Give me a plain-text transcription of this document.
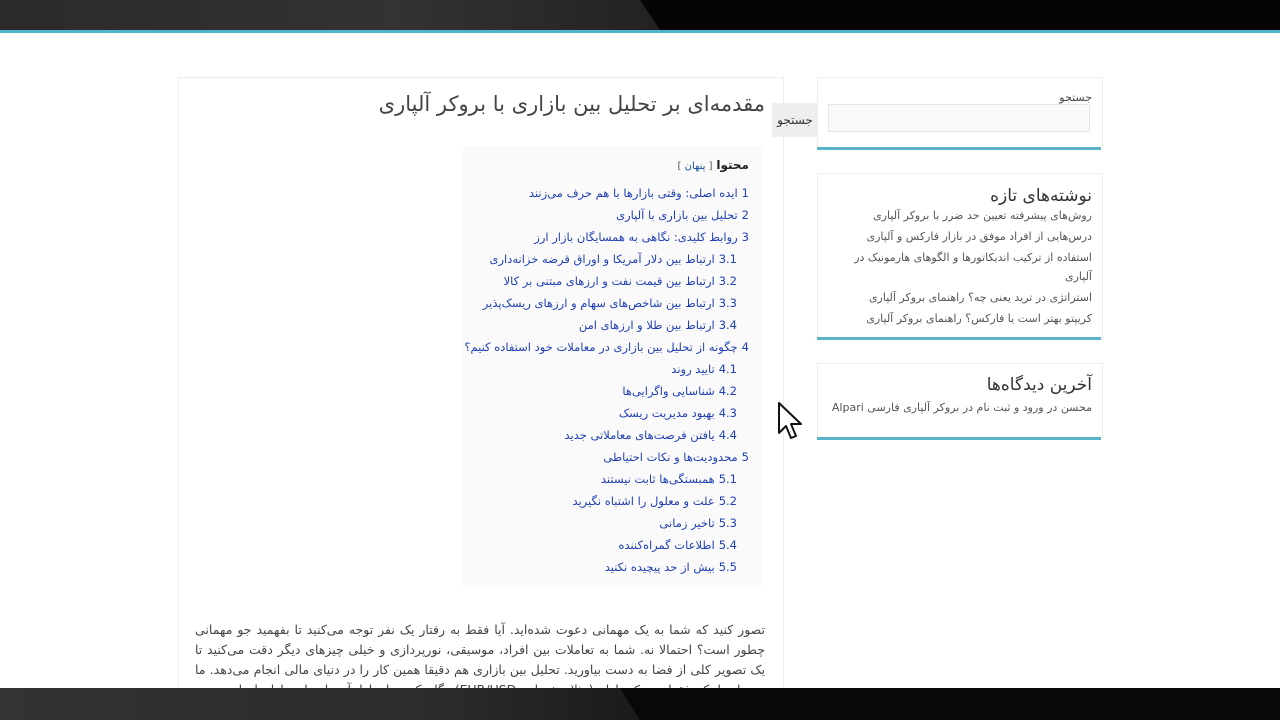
مقدمه‌ای بر تحلیل بین بازاری با بروکر آلپاری
محتوا [ پنهان ]
1ایده اصلی: وقتی بازارها با هم حرف می‌زنند
2تحلیل بین بازاری با آلپاری
3روابط کلیدی: نگاهی به همسایگان بازار ارز
3.1ارتباط بین دلار آمریکا و اوراق قرضه خزانه‌داری
3.2ارتباط بین قیمت نفت و ارزهای مبتنی بر کالا
3.3ارتباط بین شاخص‌های سهام و ارزهای ریسک‌پذیر
3.4ارتباط بین طلا و ارزهای امن
4چگونه از تحلیل بین بازاری در معاملات خود استفاده کنیم؟
4.1تایید روند
4.2شناسایی واگرایی‌ها
4.3بهبود مدیریت ریسک
4.4یافتن فرصت‌های معاملاتی جدید
5محدودیت‌ها و نکات احتیاطی
5.1همبستگی‌ها ثابت نیستند
5.2علت و معلول را اشتباه نگیرید
5.3تاخیر زمانی
5.4اطلاعات گمراه‌کننده
5.5بیش از حد پیچیده نکنید

تصور کنید که شما به یک مهمانی دعوت شده‌اید. آیا فقط به رفتار یک نفر توجه می‌کنید تا بفهمید جو مهمانی چطور است؟ احتمالا نه. شما به تعاملات بین افراد، موسیقی، نورپردازی و خیلی چیزهای دیگر دقت می‌کنید تا یک تصویر کلی از فضا به دست بیاورید. تحلیل بین بازاری هم دقیقا همین کار را در دنیای مالی انجام می‌دهد. ما

جستجو
جستجو
نوشته‌های تازه
روش‌های پیشرفته تعیین حد ضرر با بروکر آلپاری
درس‌هایی از افراد موفق در بازار فارکس و آلپاری
استفاده از ترکیب اندیکاتورها و الگوهای هارمونیک در آلپاری
استراتژی در ترید یعنی چه؟ راهنمای بروکر آلپاری
کریپتو بهتر است یا فارکس؟ راهنمای بروکر آلپاری
آخرین دیدگاه‌ها
محسن در ورود و ثبت نام در بروکر آلپاری فارسی Alpari
